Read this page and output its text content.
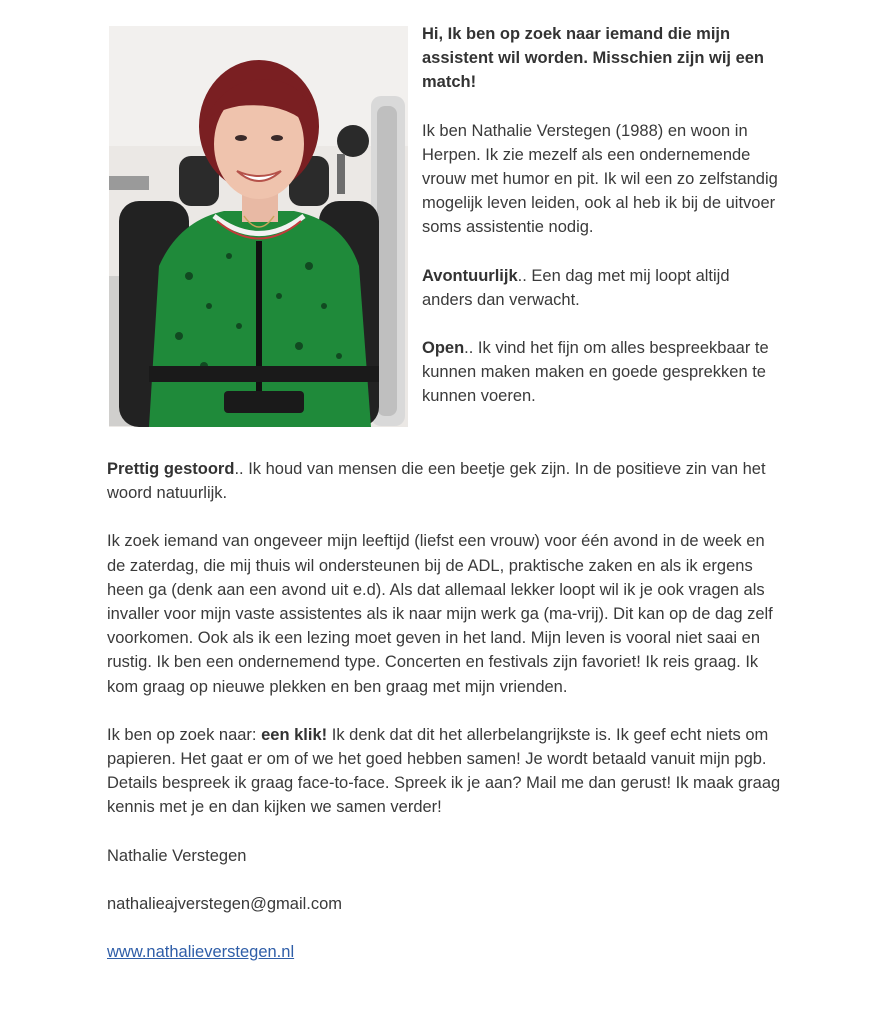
Hi, Ik ben op zoek naar iemand die mijn assistent wil worden. Misschien zijn wij een match!

Ik ben Nathalie Verstegen (1988) en woon in Herpen. Ik zie mezelf als een ondernemende vrouw met humor en pit. Ik wil een zo zelfstandig mogelijk leven leiden, ook al heb ik bij de uitvoer soms assistentie nodig.

Avontuurlijk.. Een dag met mij loopt altijd anders dan verwacht.

Open.. Ik vind het fijn om alles bespreekbaar te kunnen maken maken en goede gesprekken te kunnen voeren.

Prettig gestoord.. Ik houd van mensen die een beetje gek zijn. In de positieve zin van het woord natuurlijk.

Ik zoek iemand van ongeveer mijn leeftijd (liefst een vrouw) voor één avond in de week en de zaterdag, die mij thuis wil ondersteunen bij de ADL, praktische zaken en als ik ergens heen ga (denk aan een avond uit e.d). Als dat allemaal lekker loopt wil ik je ook vragen als invaller voor mijn vaste assistentes als ik naar mijn werk ga (ma-vrij). Dit kan op de dag zelf voorkomen. Ook als ik een lezing moet geven in het land. Mijn leven is vooral niet saai en rustig. Ik ben een ondernemend type. Concerten en festivals zijn favoriet! Ik reis graag. Ik kom graag op nieuwe plekken en ben graag met mijn vrienden.

Ik ben op zoek naar: een klik! Ik denk dat dit het allerbelangrijkste is. Ik geef echt niets om papieren. Het gaat er om of we het goed hebben samen! Je wordt betaald vanuit mijn pgb. Details bespreek ik graag face-to-face. Spreek ik je aan? Mail me dan gerust! Ik maak graag kennis met je en dan kijken we samen verder!

Nathalie Verstegen

nathalieajverstegen@gmail.com

www.nathalieverstegen.nl
